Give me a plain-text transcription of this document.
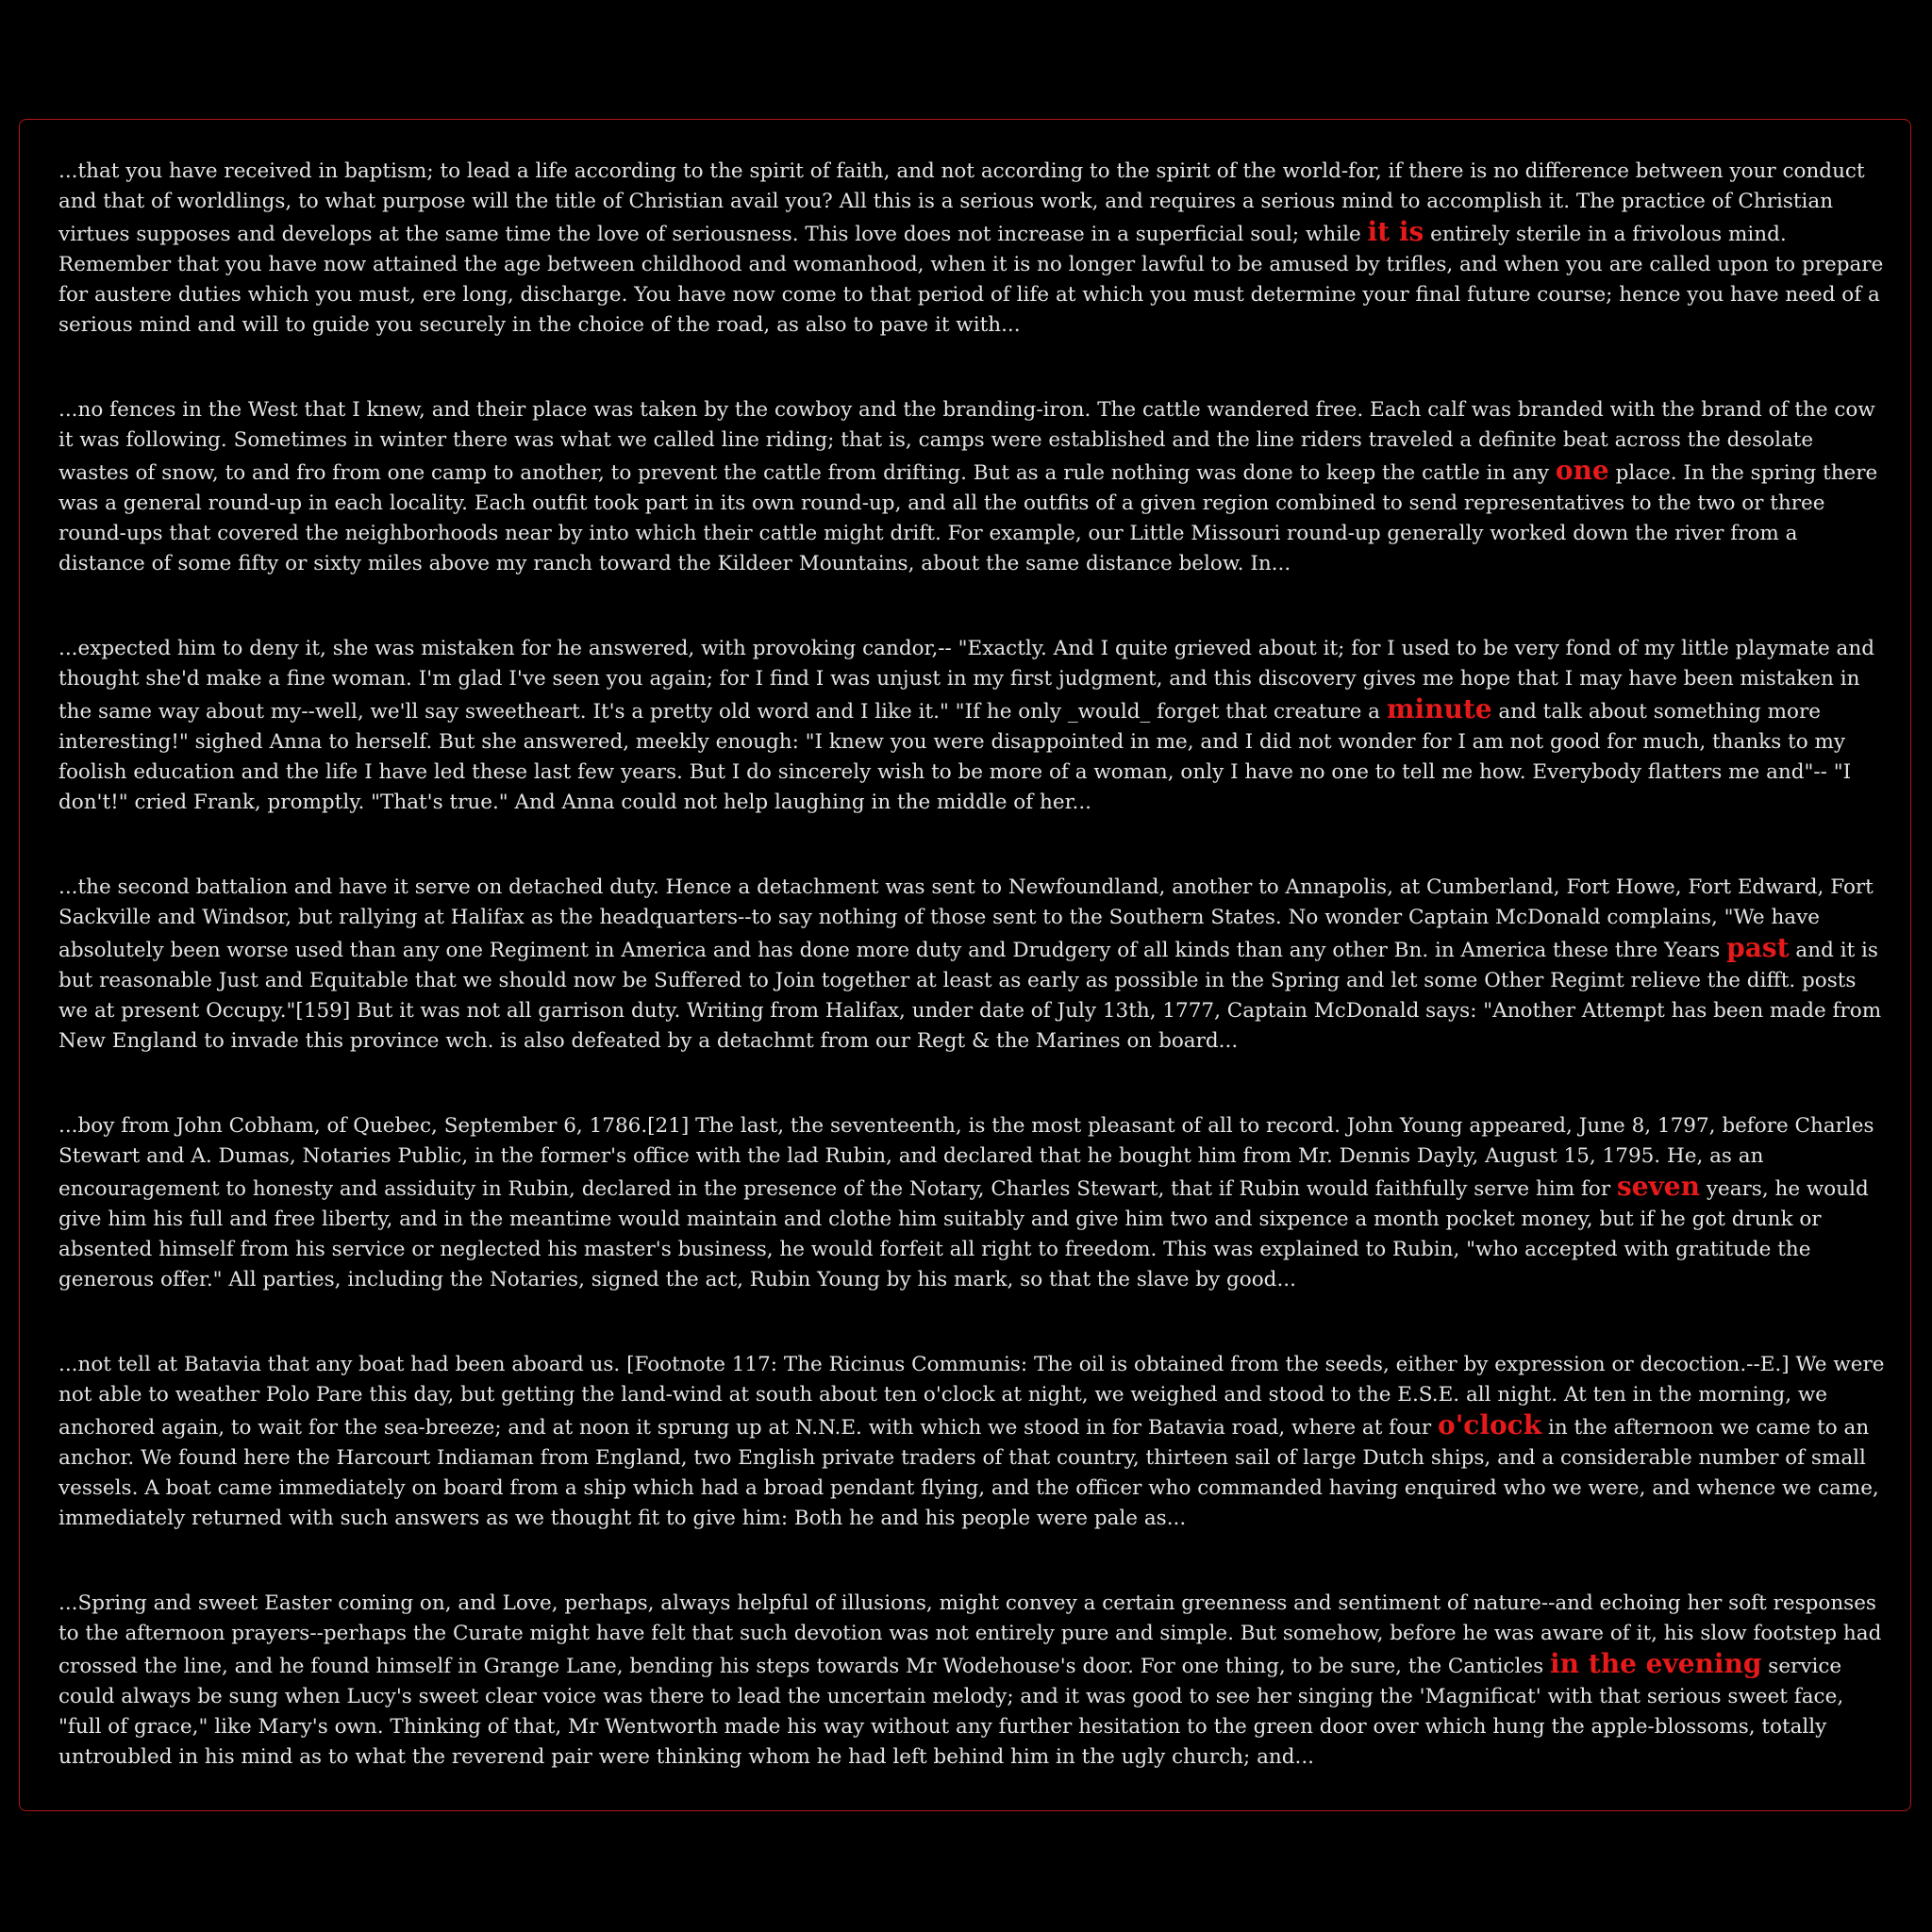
...that you have received in baptism; to lead a life according to the spirit of faith, and not according to the spirit of the world-for, if there is no difference between your conduct and that of worldlings, to what purpose will the title of Christian avail you? All this is a serious work, and requires a serious mind to accomplish it. The practice of Christian virtues supposes and develops at the same time the love of seriousness. This love does not increase in a superficial soul; while it is entirely sterile in a frivolous mind. Remember that you have now attained the age between childhood and womanhood, when it is no longer lawful to be amused by trifles, and when you are called upon to prepare for austere duties which you must, ere long, discharge. You have now come to that period of life at which you must determine your final future course; hence you have need of a serious mind and will to guide you securely in the choice of the road, as also to pave it with...

...no fences in the West that I knew, and their place was taken by the cowboy and the branding-iron. The cattle wandered free. Each calf was branded with the brand of the cow it was following. Sometimes in winter there was what we called line riding; that is, camps were established and the line riders traveled a definite beat across the desolate wastes of snow, to and fro from one camp to another, to prevent the cattle from drifting. But as a rule nothing was done to keep the cattle in any one place. In the spring there was a general round-up in each locality. Each outfit took part in its own round-up, and all the outfits of a given region combined to send representatives to the two or three round-ups that covered the neighborhoods near by into which their cattle might drift. For example, our Little Missouri round-up generally worked down the river from a distance of some fifty or sixty miles above my ranch toward the Kildeer Mountains, about the same distance below. In...

...expected him to deny it, she was mistaken for he answered, with provoking candor,-- "Exactly. And I quite grieved about it; for I used to be very fond of my little playmate and thought she'd make a fine woman. I'm glad I've seen you again; for I find I was unjust in my first judgment, and this discovery gives me hope that I may have been mistaken in the same way about my--well, we'll say sweetheart. It's a pretty old word and I like it." "If he only _would_ forget that creature a minute and talk about something more interesting!" sighed Anna to herself. But she answered, meekly enough: "I knew you were disappointed in me, and I did not wonder for I am not good for much, thanks to my foolish education and the life I have led these last few years. But I do sincerely wish to be more of a woman, only I have no one to tell me how. Everybody flatters me and"-- "I don't!" cried Frank, promptly. "That's true." And Anna could not help laughing in the middle of her...

...the second battalion and have it serve on detached duty. Hence a detachment was sent to Newfoundland, another to Annapolis, at Cumberland, Fort Howe, Fort Edward, Fort Sackville and Windsor, but rallying at Halifax as the headquarters--to say nothing of those sent to the Southern States. No wonder Captain McDonald complains, "We have absolutely been worse used than any one Regiment in America and has done more duty and Drudgery of all kinds than any other Bn. in America these thre Years past and it is but reasonable Just and Equitable that we should now be Suffered to Join together at least as early as possible in the Spring and let some Other Regimt relieve the difft. posts we at present Occupy."[159] But it was not all garrison duty. Writing from Halifax, under date of July 13th, 1777, Captain McDonald says: "Another Attempt has been made from New England to invade this province wch. is also defeated by a detachmt from our Regt & the Marines on board...

...boy from John Cobham, of Quebec, September 6, 1786.[21] The last, the seventeenth, is the most pleasant of all to record. John Young appeared, June 8, 1797, before Charles Stewart and A. Dumas, Notaries Public, in the former's office with the lad Rubin, and declared that he bought him from Mr. Dennis Dayly, August 15, 1795. He, as an encouragement to honesty and assiduity in Rubin, declared in the presence of the Notary, Charles Stewart, that if Rubin would faithfully serve him for seven years, he would give him his full and free liberty, and in the meantime would maintain and clothe him suitably and give him two and sixpence a month pocket money, but if he got drunk or absented himself from his service or neglected his master's business, he would forfeit all right to freedom. This was explained to Rubin, "who accepted with gratitude the generous offer." All parties, including the Notaries, signed the act, Rubin Young by his mark, so that the slave by good...

...not tell at Batavia that any boat had been aboard us. [Footnote 117: The Ricinus Communis: The oil is obtained from the seeds, either by expression or decoction.--E.] We were not able to weather Polo Pare this day, but getting the land-wind at south about ten o'clock at night, we weighed and stood to the E.S.E. all night. At ten in the morning, we anchored again, to wait for the sea-breeze; and at noon it sprung up at N.N.E. with which we stood in for Batavia road, where at four o'clock in the afternoon we came to an anchor. We found here the Harcourt Indiaman from England, two English private traders of that country, thirteen sail of large Dutch ships, and a considerable number of small vessels. A boat came immediately on board from a ship which had a broad pendant flying, and the officer who commanded having enquired who we were, and whence we came, immediately returned with such answers as we thought fit to give him: Both he and his people were pale as...

...Spring and sweet Easter coming on, and Love, perhaps, always helpful of illusions, might convey a certain greenness and sentiment of nature--and echoing her soft responses to the afternoon prayers--perhaps the Curate might have felt that such devotion was not entirely pure and simple. But somehow, before he was aware of it, his slow footstep had crossed the line, and he found himself in Grange Lane, bending his steps towards Mr Wodehouse's door. For one thing, to be sure, the Canticles in the evening service could always be sung when Lucy's sweet clear voice was there to lead the uncertain melody; and it was good to see her singing the 'Magnificat' with that serious sweet face, "full of grace," like Mary's own. Thinking of that, Mr Wentworth made his way without any further hesitation to the green door over which hung the apple-blossoms, totally untroubled in his mind as to what the reverend pair were thinking whom he had left behind him in the ugly church; and...
